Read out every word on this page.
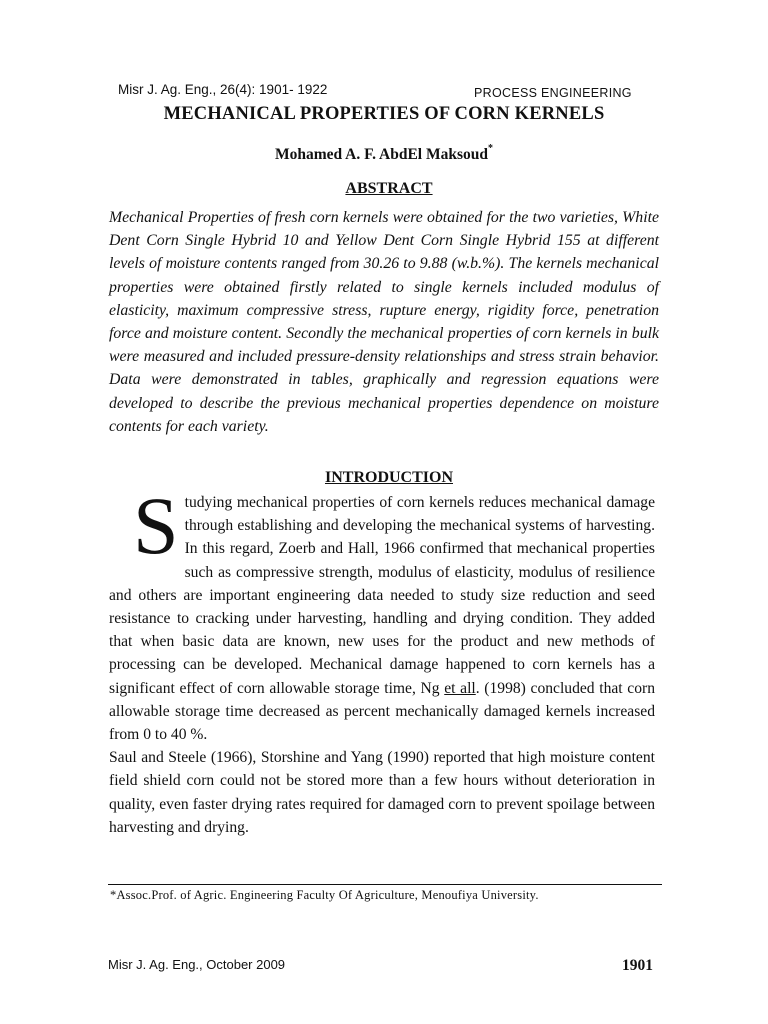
Misr J. Ag. Eng., 26(4): 1901- 1922	PROCESS ENGINEERING
MECHANICAL PROPERTIES OF CORN KERNELS
Mohamed A. F. AbdEl Maksoud*
ABSTRACT

Mechanical Properties of fresh corn kernels were obtained for the two varieties, White Dent Corn Single Hybrid 10 and Yellow Dent Corn Single Hybrid 155 at different levels of moisture contents ranged from 30.26 to 9.88 (w.b.%). The kernels mechanical properties were obtained firstly related to single kernels included modulus of elasticity, maximum compressive stress, rupture energy, rigidity force, penetration force and moisture content. Secondly the mechanical properties of corn kernels in bulk were measured and included pressure-density relationships and stress strain behavior. Data were demonstrated in tables, graphically and regression equations were developed to describe the previous mechanical properties dependence on moisture contents for each variety.

INTRODUCTION

Studying mechanical properties of corn kernels reduces mechanical damage through establishing and developing the mechanical systems of harvesting. In this regard, Zoerb and Hall, 1966 confirmed that mechanical properties such as compressive strength, modulus of elasticity, modulus of resilience and others are important engineering data needed to study size reduction and seed resistance to cracking under harvesting, handling and drying condition. They added that when basic data are known, new uses for the product and new methods of processing can be developed. Mechanical damage happened to corn kernels has a significant effect of corn allowable storage time, Ng et all. (1998) concluded that corn allowable storage time decreased as percent mechanically damaged kernels increased from 0 to 40 %.

Saul and Steele (1966), Storshine and Yang (1990) reported that high moisture content field shield corn could not be stored more than a few hours without deterioration in quality, even faster drying rates required for damaged corn to prevent spoilage between harvesting and drying.

*Assoc.Prof. of Agric. Engineering Faculty Of Agriculture, Menoufiya University.
Misr J. Ag. Eng., October 2009	1901
